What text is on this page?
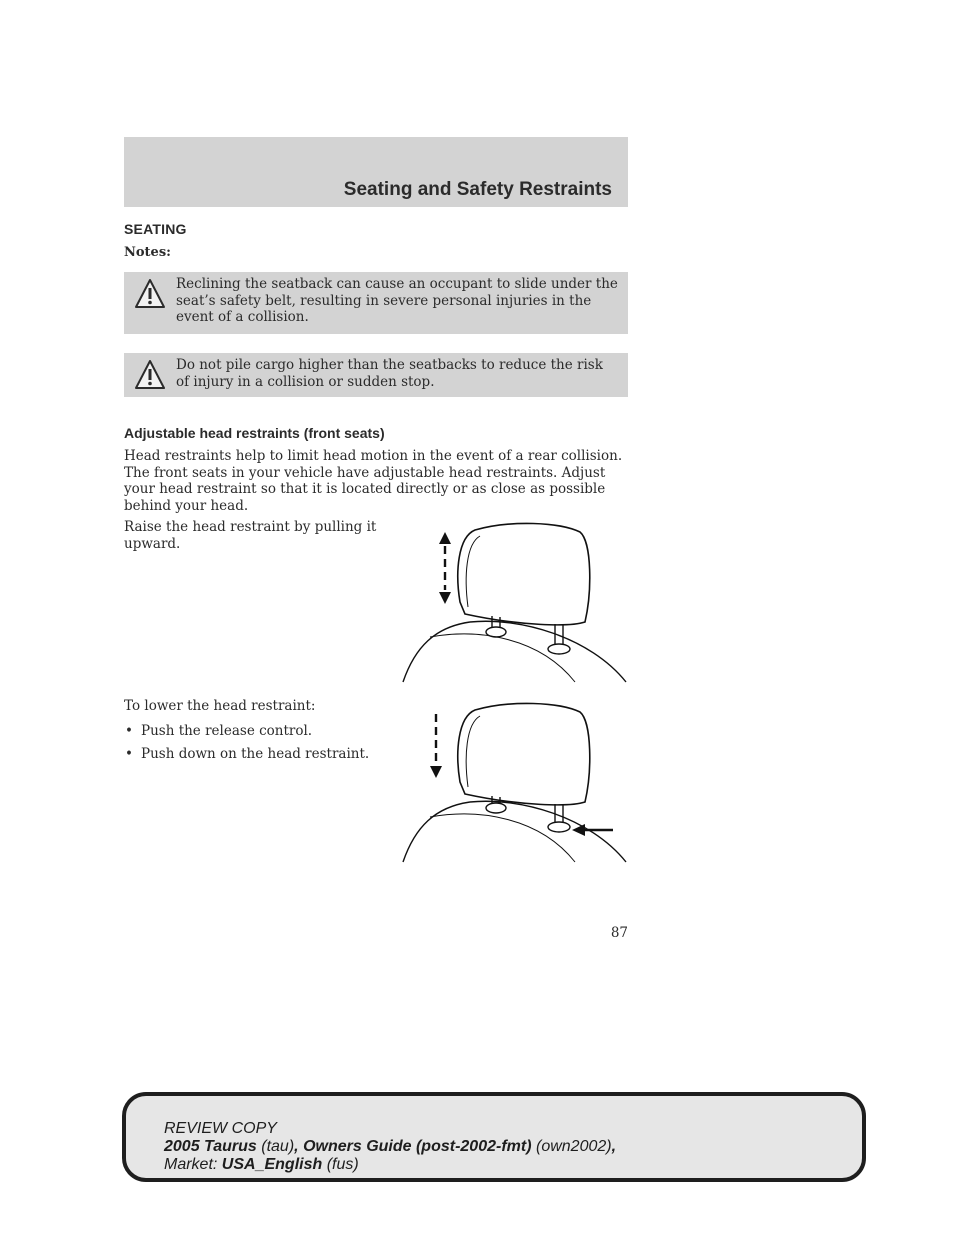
Seating and Safety Restraints
SEATING
Notes:
Reclining the seatback can cause an occupant to slide under the seat’s safety belt, resulting in severe personal injuries in the event of a collision.
Do not pile cargo higher than the seatbacks to reduce the risk of injury in a collision or sudden stop.
Adjustable head restraints (front seats)
Head restraints help to limit head motion in the event of a rear collision. The front seats in your vehicle have adjustable head restraints. Adjust your head restraint so that it is located directly or as close as possible behind your head.
Raise the head restraint by pulling it upward.
To lower the head restraint:
• Push the release control.
• Push down on the head restraint.
87
REVIEW COPY
2005 Taurus (tau), Owners Guide (post-2002-fmt) (own2002),
Market: USA_English (fus)
